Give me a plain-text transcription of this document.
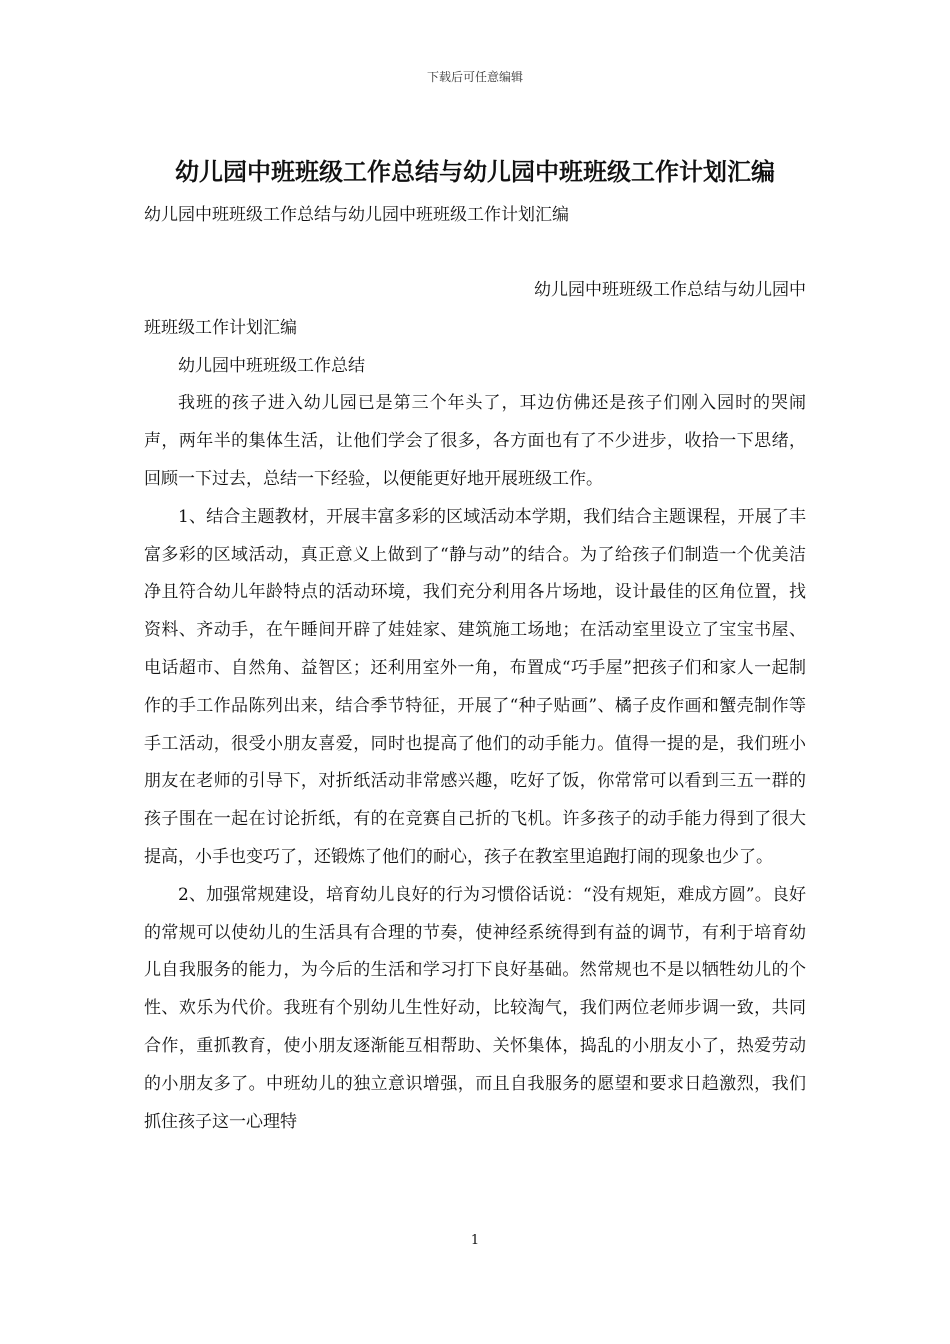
下载后可任意编辑
幼儿园中班班级工作总结与幼儿园中班班级工作计划汇编
幼儿园中班班级工作总结与幼儿园中班班级工作计划汇编

幼儿园中班班级工作总结与幼儿园中

班班级工作计划汇编

幼儿园中班班级工作总结

我班的孩子进入幼儿园已是第三个年头了，耳边仿佛还是孩子们刚入园时的哭闹声，两年半的集体生活，让他们学会了很多，各方面也有了不少进步，收拾一下思绪，回顾一下过去，总结一下经验，以便能更好地开展班级工作。

1、结合主题教材，开展丰富多彩的区域活动本学期，我们结合主题课程，开展了丰富多彩的区域活动，真正意义上做到了“静与动”的结合。为了给孩子们制造一个优美洁净且符合幼儿年龄特点的活动环境，我们充分利用各片场地，设计最佳的区角位置，找资料、齐动手，在午睡间开辟了娃娃家、建筑施工场地；在活动室里设立了宝宝书屋、电话超市、自然角、益智区；还利用室外一角，布置成“巧手屋”把孩子们和家人一起制作的手工作品陈列出来，结合季节特征，开展了“种子贴画”、橘子皮作画和蟹壳制作等手工活动，很受小朋友喜爱，同时也提高了他们的动手能力。值得一提的是，我们班小朋友在老师的引导下，对折纸活动非常感兴趣，吃好了饭，你常常可以看到三五一群的孩子围在一起在讨论折纸，有的在竞赛自己折的飞机。许多孩子的动手能力得到了很大提高，小手也变巧了，还锻炼了他们的耐心，孩子在教室里追跑打闹的现象也少了。

2、加强常规建设，培育幼儿良好的行为习惯俗话说：“没有规矩，难成方圆”。良好的常规可以使幼儿的生活具有合理的节奏，使神经系统得到有益的调节，有利于培育幼儿自我服务的能力，为今后的生活和学习打下良好基础。然常规也不是以牺牲幼儿的个性、欢乐为代价。我班有个别幼儿生性好动，比较淘气，我们两位老师步调一致，共同合作，重抓教育，使小朋友逐渐能互相帮助、关怀集体，捣乱的小朋友小了，热爱劳动的小朋友多了。中班幼儿的独立意识增强，而且自我服务的愿望和要求日趋激烈，我们抓住孩子这一心理特

1
